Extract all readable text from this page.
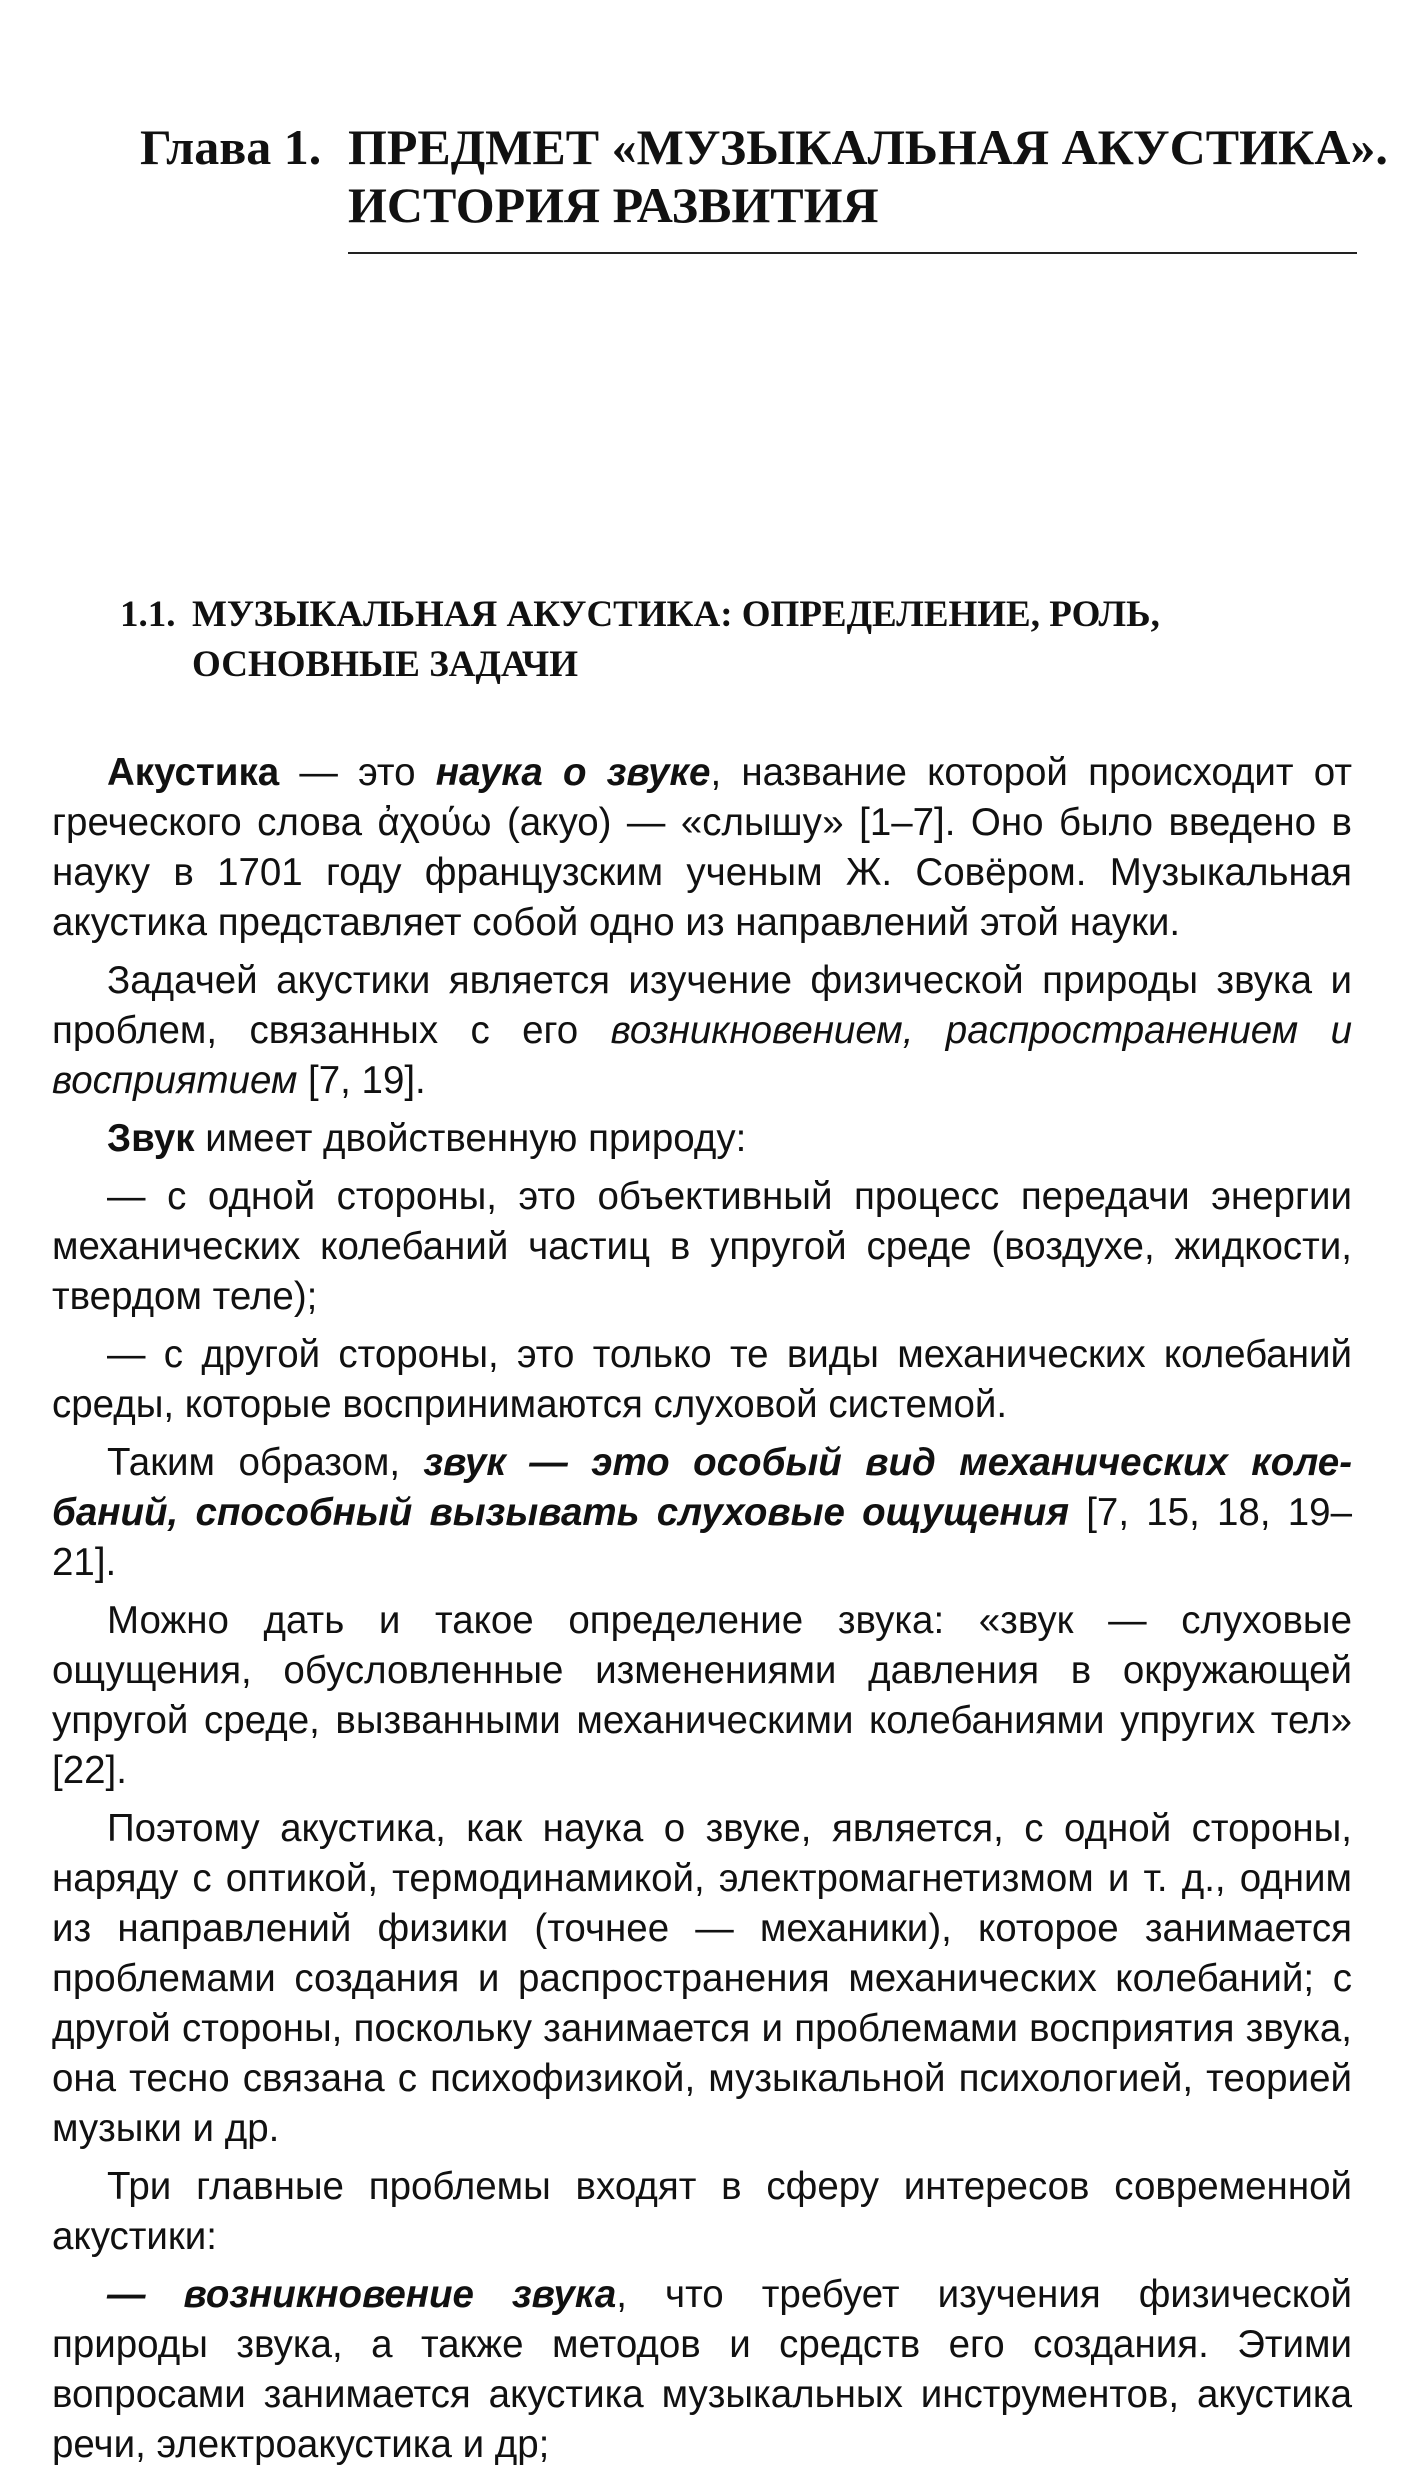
Глава 1. ПРЕДМЕТ «МУЗЫКАЛЬНАЯ АКУСТИКА».
ИСТОРИЯ РАЗВИТИЯ
1.1. МУЗЫКАЛЬНАЯ АКУСТИКА: ОПРЕДЕЛЕНИЕ, РОЛЬ,
ОСНОВНЫЕ ЗАДАЧИ

Акустика — это наука о звуке, название которой происходит от греческого слова ἀχούω (акуо) — «слышу» [1–7]. Оно было введено в науку в 1701 году французским ученым Ж. Совёром. Музыкальная акустика представляет собой одно из направлений этой науки.

Задачей акустики является изучение физической природы звука и проблем, связанных с его возникновением, распространением и восприятием [7, 19].

Звук имеет двойственную природу:

— с одной стороны, это объективный процесс передачи энергии механических колебаний частиц в упругой среде (воздухе, жидкости, твердом теле);

— с другой стороны, это только те виды механических колебаний среды, которые воспринимаются слуховой системой.

Таким образом, звук — это особый вид механических колебаний, способный вызывать слуховые ощущения [7, 15, 18, 19–21].

Можно дать и такое определение звука: «звук — слуховые ощущения, обусловленные изменениями давления в окружающей упругой среде, вызванными механическими колебаниями упругих тел» [22].

Поэтому акустика, как наука о звуке, является, с одной стороны, наряду с оптикой, термодинамикой, электромагнетизмом и т. д., одним из направлений физики (точнее — механики), которое занимается проблемами создания и распространения механических колебаний; с другой стороны, поскольку занимается и проблемами восприятия звука, она тесно связана с психофизикой, музыкальной психологией, теорией музыки и др.

Три главные проблемы входят в сферу интересов современной акустики:

— возникновение звука, что требует изучения физической природы звука, а также методов и средств его создания. Этими вопросами занимается акустика музыкальных инструментов, акустика речи, электроакустика и др;
